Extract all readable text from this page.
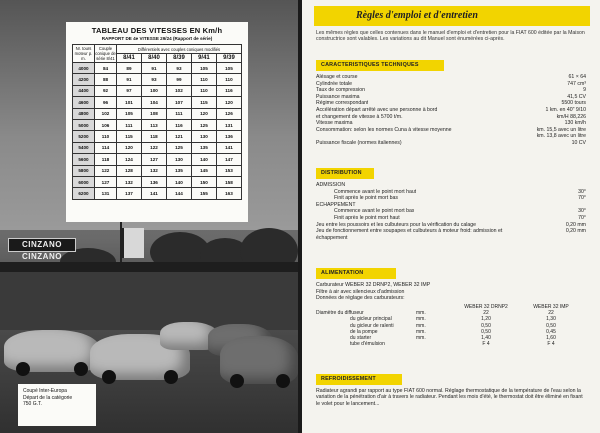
CINZANO CINZANO
TABLEAU DES VITESSES EN Km/h
RAPPORT DE 4e VITESSE 29/24 (Rapport de série)
Nr. tours moteur p. m.	Couple conique de série 8/41	Différentiels avec couples coniques modifiés				
		8/41	8/40	8/39	9/41	9/39
4000	84	89	91	93	105	105
4200	88	91	93	99	110	110
4400	92	97	100	102	110	116
4600	96	101	104	107	115	120
4800	102	105	108	111	120	126
5000	106	111	113	116	125	131
5200	110	115	118	121	130	136
5400	114	120	122	125	135	141
5600	118	124	127	130	140	147
5800	122	128	132	135	145	153
6000	127	132	136	140	150	158
6200	131	137	141	144	155	163
Coupé Inter-Europa
Départ de la catégorie
750 G.T.
Règles d'emploi et d'entretien
Les mêmes règles que celles contenues dans le manuel d'emploi et d'entretien pour la FIAT 600 éditée par la Maison constructrice sont valables. Les variations au dit Manuel sont énumérées ci-après.
CARACTERISTIQUES TECHNIQUES
Alésage et course	61 × 64
Cylindrée totale	747 cm³
Taux de compression	9
Puissance maxima	41,5 CV
Régime correspondant	5500 tours
Accélération départ arrêté avec une personne à bord	1 km. en 40" 9/10
et changement de vitesse à 5700 t/m.	km/H 88,226
Vitesse maxima	130 km/h
Consommation: selon les normes Cuna à vitesse moyenne	km. 15,5 avec un litre
km. 13,8 avec un litre
Puissance fiscale (normes italiennes)	10 CV
DISTRIBUTION
ADMISSION
Commence avant le point mort haut	30°
Finit après le point mort bas	70°
ECHAPPEMENT
Commence avant le point mort bas	30°
Finit après le point mort haut	70°
Jeu entre les poussoirs et les culbuteurs pour la vérification du calage	0,20 mm
Jeu de fonctionnement entre soupapes et culbuteurs à moteur froid: admission et échappement
0,20 mm
ALIMENTATION
Carburateur WEBER 32 DRNP2, WEBER 32 IMP
Filtre à air avec silencieux d'admission
Données de réglage des carburateurs:
WEBER 32 DRNP2	WEBER 32 IMP
Diamètre du diffuseur	mm.	22	22
du gicleur principal	mm.	1,20	1,30
du gicleur de ralenti	mm.	0,50	0,50
de la pompe	mm.	0,50	0,45
du starter	mm.	1,40	1,60
tube d'émulsion	F 4	F 4
REFROIDISSEMENT
Radiateur agrandi par rapport au type FIAT 600 normal. Réglage thermostatique de la température de l'eau selon la variation de la pénétration d'air à travers le radiateur. Pendant les mois d'été, le thermostat doit être éliminé en fixant le volet pour le lancement...
